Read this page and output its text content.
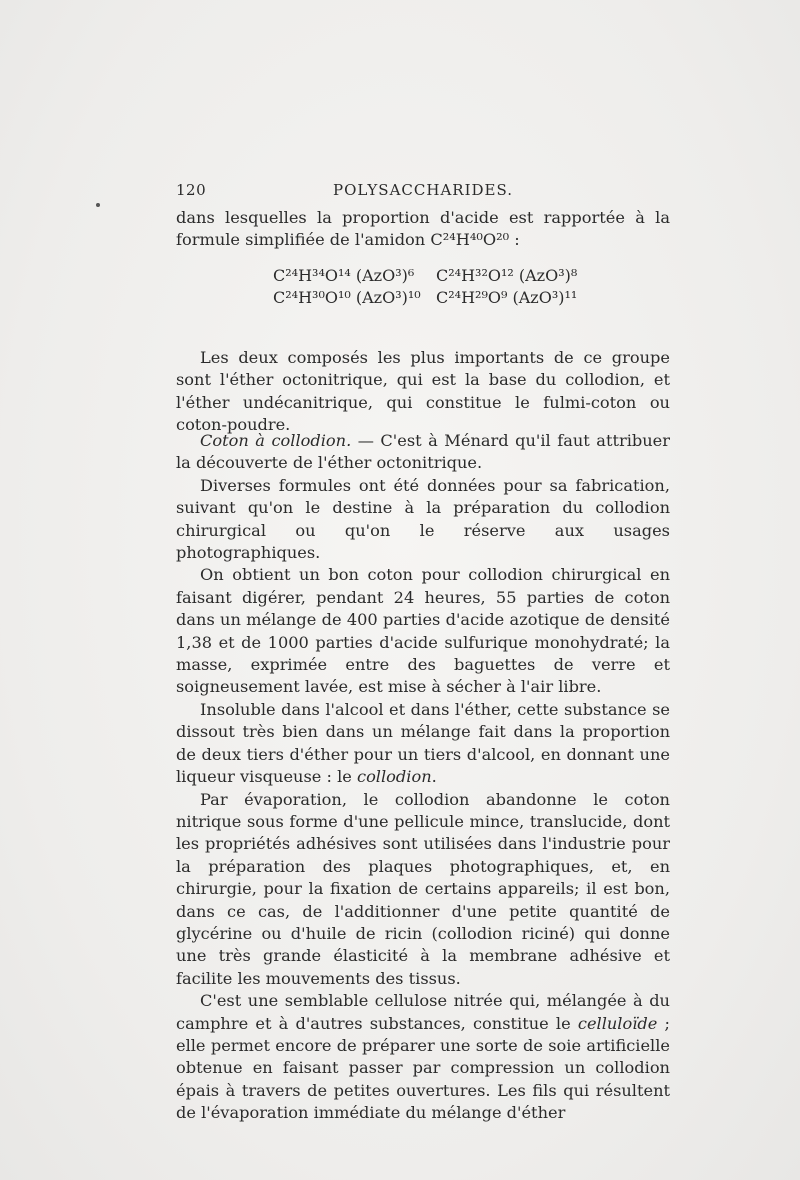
120	POLYSACCHARIDES.

dans lesquelles la proportion d'acide est rapportée à la formule simplifiée de l'amidon C²⁴H⁴⁰O²⁰ :

C²⁴H³⁴O¹⁴ (AzO³)⁶ C²⁴H³²O¹² (AzO³)⁸
C²⁴H³⁰O¹⁰ (AzO³)¹⁰ C²⁴H²⁹O⁹ (AzO³)¹¹

Les deux composés les plus importants de ce groupe sont l'éther octonitrique, qui est la base du collodion, et l'éther undécanitrique, qui constitue le fulmi-coton ou coton-poudre.

Coton à collodion. — C'est à Ménard qu'il faut attribuer la découverte de l'éther octonitrique.

Diverses formules ont été données pour sa fabrication, suivant qu'on le destine à la préparation du collodion chirurgical ou qu'on le réserve aux usages photographiques.

On obtient un bon coton pour collodion chirurgical en faisant digérer, pendant 24 heures, 55 parties de coton dans un mélange de 400 parties d'acide azotique de densité 1,38 et de 1000 parties d'acide sulfurique monohydraté; la masse, exprimée entre des baguettes de verre et soigneusement lavée, est mise à sécher à l'air libre.

Insoluble dans l'alcool et dans l'éther, cette substance se dissout très bien dans un mélange fait dans la proportion de deux tiers d'éther pour un tiers d'alcool, en donnant une liqueur visqueuse : le collodion.

Par évaporation, le collodion abandonne le coton nitrique sous forme d'une pellicule mince, translucide, dont les propriétés adhésives sont utilisées dans l'industrie pour la préparation des plaques photographiques, et, en chirurgie, pour la fixation de certains appareils; il est bon, dans ce cas, de l'additionner d'une petite quantité de glycérine ou d'huile de ricin (collodion riciné) qui donne une très grande élasticité à la membrane adhésive et facilite les mouvements des tissus.

C'est une semblable cellulose nitrée qui, mélangée à du camphre et à d'autres substances, constitue le celluloïde ; elle permet encore de préparer une sorte de soie artificielle obtenue en faisant passer par compression un collodion épais à travers de petites ouvertures. Les fils qui résultent de l'évaporation immédiate du mélange d'éther
